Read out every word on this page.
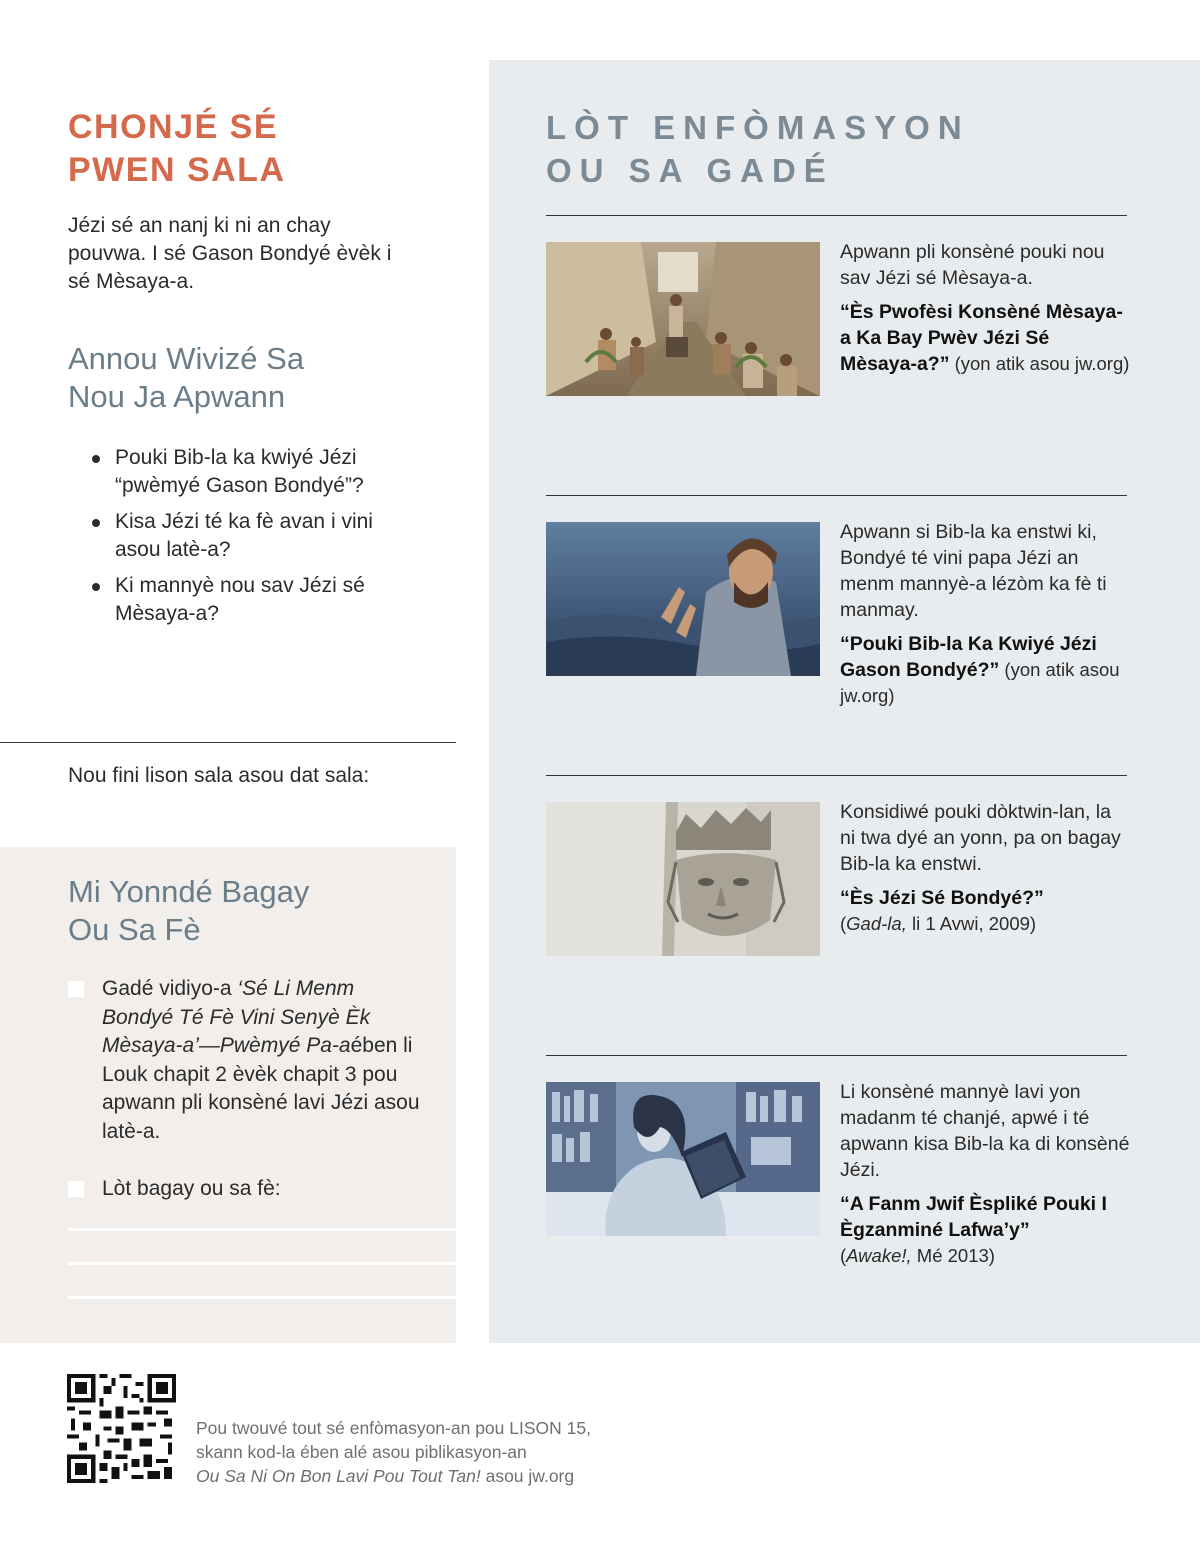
LÒT ENFÒMASYON
OU SA GADÉ
Apwann pli konsèné pouki nou sav Jézi sé Mèsaya-a.
“Ès Pwofèsi Konsèné Mèsaya-a Ka Bay Pwèv Jézi Sé Mèsaya-a?” (yon atik asou jw.org)
Apwann si Bib-la ka enstwi ki, Bondyé té vini papa Jézi an menm mannyè-a lézòm ka fè ti manmay.
“Pouki Bib-la Ka Kwiyé Jézi Gason Bondyé?” (yon atik asou jw.org)
Konsidiwé pouki dòktwin-lan, la ni twa dyé an yonn, pa on bagay Bib-la ka enstwi.
“Ès Jézi Sé Bondyé?”
(Gad-la, li 1 Avwi, 2009)
Li konsèné mannyè lavi yon madanm té chanjé, apwé i té apwann kisa Bib-la ka di konsèné Jézi.
“A Fanm Jwif Èspliké Pouki I Ègzanminé Lafwa’y”
(Awake!, Mé 2013)
CHONJÉ SÉ
PWEN SALA

Jézi sé an nanj ki ni an chay pouvwa. I sé Gason Bondyé èvèk i sé Mèsaya-a.

Annou Wivizé Sa
Nou Ja Apwann
Pouki Bib-la ka kwiyé Jézi “pwèmyé Gason Bondyé”?
Kisa Jézi té ka fè avan i vini asou latè-a?
Ki mannyè nou sav Jézi sé Mèsaya-a?
Nou fini lison sala asou dat sala:
Mi Yonndé Bagay
Ou Sa Fè
Gadé vidiyo-a ‘Sé Li Menm Bondyé Té Fè Vini Senyè Èk Mèsaya-a’—Pwèmyé Pa-aében li Louk chapit 2 èvèk chapit 3 pou apwann pli konsèné lavi Jézi asou latè-a.
Lòt bagay ou sa fè:
Pou twouvé tout sé enfòmasyon-an pou LISON 15,
skann kod-la ében alé asou piblikasyon-an
Ou Sa Ni On Bon Lavi Pou Tout Tan! asou jw.org
